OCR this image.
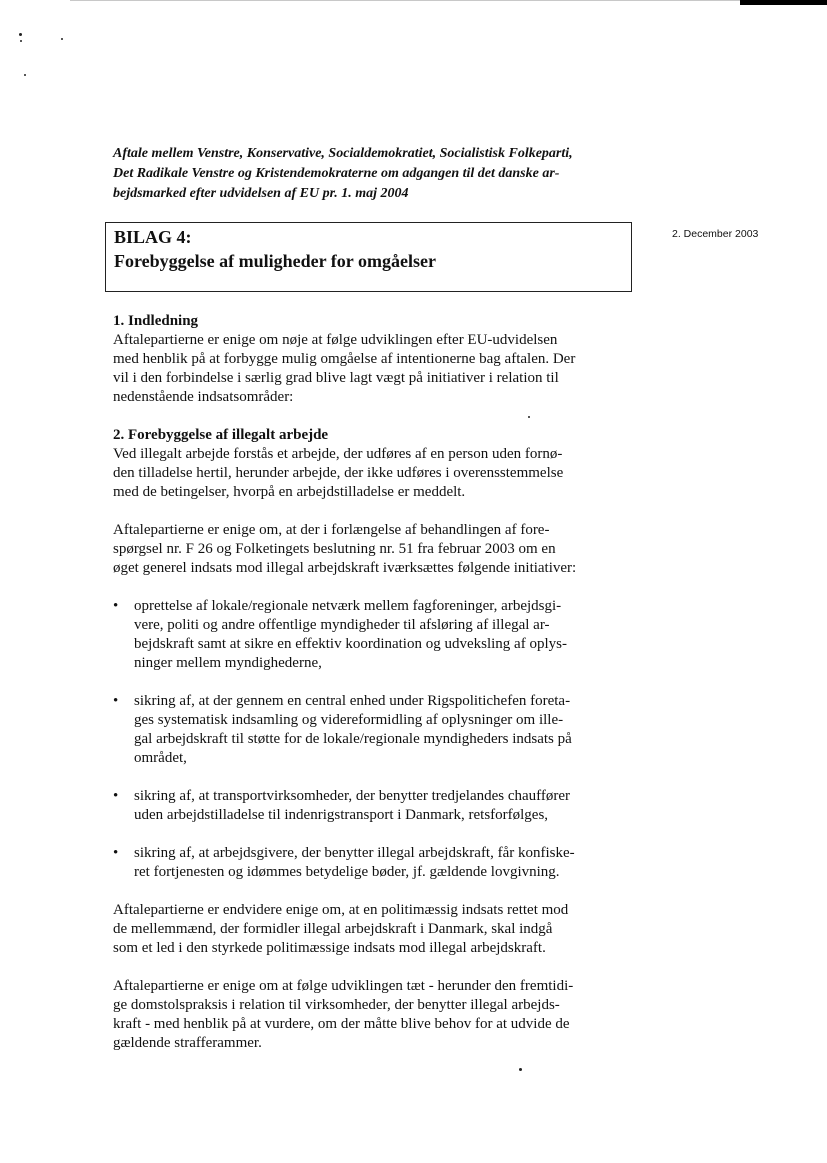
Aftale mellem Venstre, Konservative, Socialdemokratiet, Socialistisk Folkeparti,
Det Radikale Venstre og Kristendemokraterne om adgangen til det danske ar-
bejdsmarked efter udvidelsen af EU pr. 1. maj 2004
2. December 2003

BILAG 4:

Forebyggelse af muligheder for omgåelser

1. Indledning

Aftalepartierne er enige om nøje at følge udviklingen efter EU-udvidelsen
med henblik på at forbygge mulig omgåelse af intentionerne bag aftalen. Der
vil i den forbindelse i særlig grad blive lagt vægt på initiativer i relation til
nedenstående indsatsområder:

2. Forebyggelse af illegalt arbejde

Ved illegalt arbejde forstås et arbejde, der udføres af en person uden fornø-
den tilladelse hertil, herunder arbejde, der ikke udføres i overensstemmelse
med de betingelser, hvorpå en arbejdstilladelse er meddelt.

Aftalepartierne er enige om, at der i forlængelse af behandlingen af fore-
spørgsel nr. F 26 og Folketingets beslutning nr. 51 fra februar 2003 om en
øget generel indsats mod illegal arbejdskraft iværksættes følgende initiativer:

• oprettelse af lokale/regionale netværk mellem fagforeninger, arbejdsgi-
vere, politi og andre offentlige myndigheder til afsløring af illegal ar-
bejdskraft samt at sikre en effektiv koordination og udveksling af oplys-
ninger mellem myndighederne,
• sikring af, at der gennem en central enhed under Rigspolitichefen foreta-
ges systematisk indsamling og videreformidling af oplysninger om ille-
gal arbejdskraft til støtte for de lokale/regionale myndigheders indsats på
området,
• sikring af, at transportvirksomheder, der benytter tredjelandes chauffører
uden arbejdstilladelse til indenrigstransport i Danmark, retsforfølges,
• sikring af, at arbejdsgivere, der benytter illegal arbejdskraft, får konfiske-
ret fortjenesten og idømmes betydelige bøder, jf. gældende lovgivning.

Aftalepartierne er endvidere enige om, at en politimæssig indsats rettet mod
de mellemmænd, der formidler illegal arbejdskraft i Danmark, skal indgå
som et led i den styrkede politimæssige indsats mod illegal arbejdskraft.

Aftalepartierne er enige om at følge udviklingen tæt - herunder den fremtidi-
ge domstolspraksis i relation til virksomheder, der benytter illegal arbejds-
kraft - med henblik på at vurdere, om der måtte blive behov for at udvide de
gældende strafferammer.
